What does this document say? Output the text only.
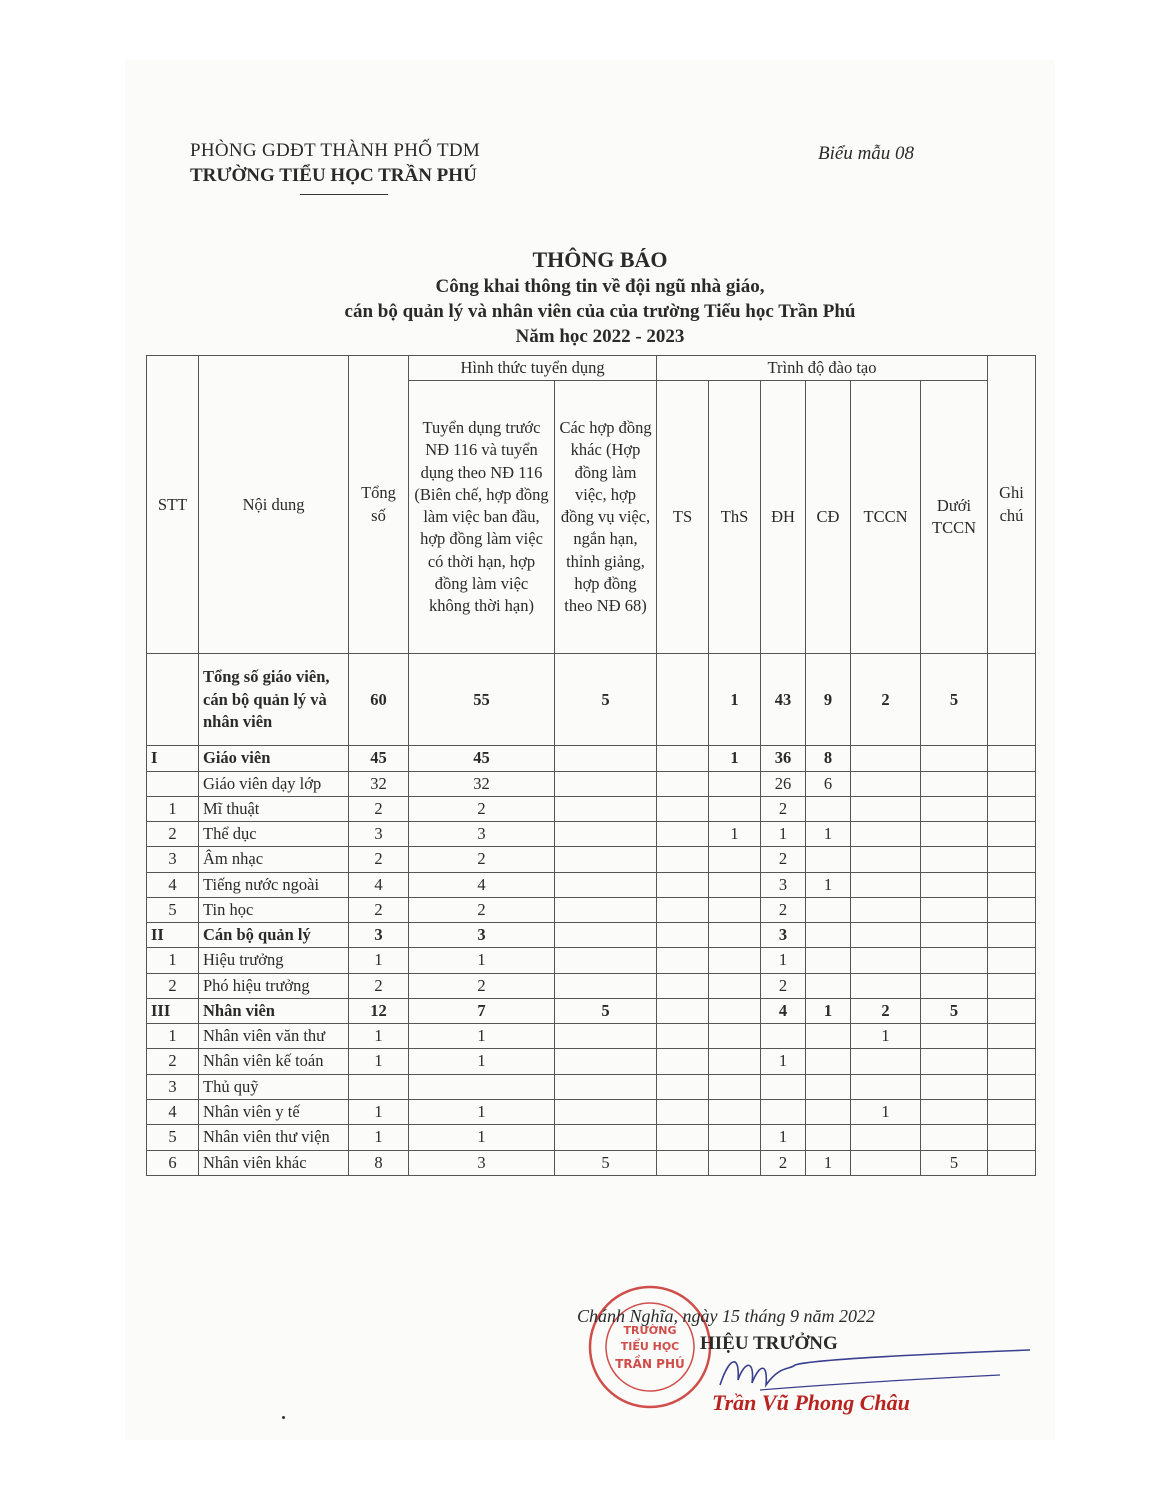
PHÒNG GDĐT THÀNH PHỐ TDM
TRƯỜNG TIỂU HỌC TRẦN PHÚ
Biểu mẫu 08
THÔNG BÁO
Công khai thông tin về đội ngũ nhà giáo,
cán bộ quản lý và nhân viên của của trường Tiểu học Trần Phú
Năm học 2022 - 2023
STT	Nội dung	Tổng số	Hình thức tuyển dụng		Trình độ đào tạo						Ghi chú
			Tuyển dụng trước NĐ 116 và tuyển dụng theo NĐ 116 (Biên chế, hợp đồng làm việc ban đầu, hợp đồng làm việc có thời hạn, hợp đồng làm việc không thời hạn)	Các hợp đồng khác (Hợp đồng làm việc, hợp đồng vụ việc, ngắn hạn, thỉnh giảng, hợp đồng theo NĐ 68)	TS	ThS	ĐH	CĐ	TCCN	Dưới TCCN	
	Tổng số giáo viên, cán bộ quản lý và nhân viên	60	55	5		1	43	9	2	5	
I	Giáo viên	45	45			1	36	8			
	Giáo viên dạy lớp	32	32				26	6			
1	Mĩ thuật	2	2				2				
2	Thể dục	3	3			1	1	1			
3	Âm nhạc	2	2				2				
4	Tiếng nước ngoài	4	4				3	1			
5	Tin học	2	2				2				
II	Cán bộ quản lý	3	3				3				
1	Hiệu trưởng	1	1				1				
2	Phó hiệu trưởng	2	2				2				
III	Nhân viên	12	7	5			4	1	2	5	
1	Nhân viên văn thư	1	1						1		
2	Nhân viên kế toán	1	1				1				
3	Thủ quỹ										
4	Nhân viên y tế	1	1						1		
5	Nhân viên thư viện	1	1				1				
6	Nhân viên khác	8	3	5			2	1		5	
TRƯỜNG
TIỂU HỌC
TRẦN PHÚ
Chánh Nghĩa, ngày 15 tháng 9 năm 2022
HIỆU TRƯỞNG
Trần Vũ Phong Châu
